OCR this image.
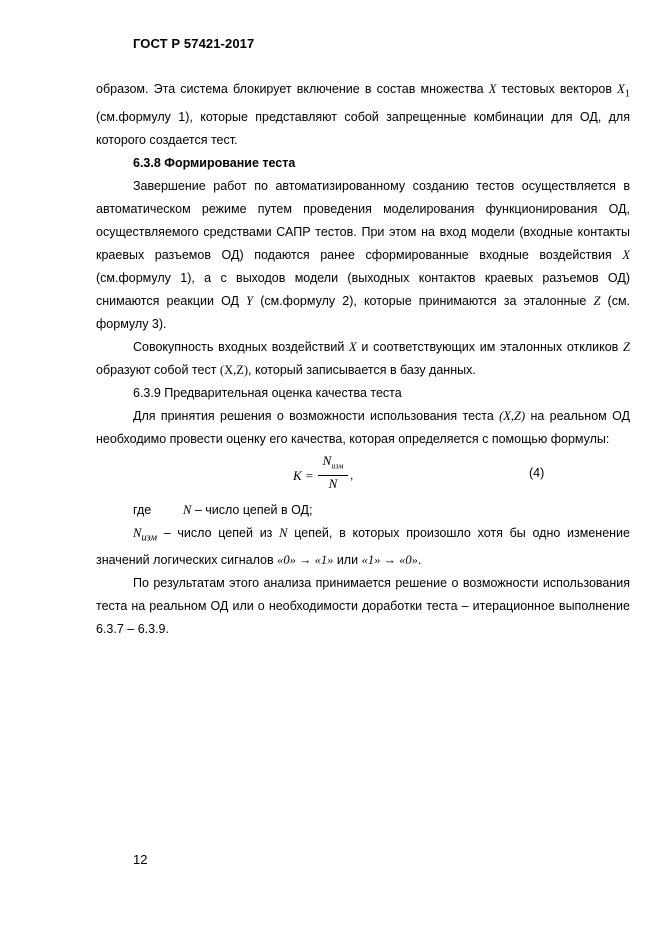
ГОСТ Р 57421-2017

образом. Эта система блокирует включение в состав множества X тестовых векторов $X_1$ (см.формулу 1), которые представляют собой запрещенные комбинации для ОД, для которого создается тест.

6.3.8 Формирование теста

Завершение работ по автоматизированному созданию тестов осуществляется в автоматическом режиме путем проведения моделирования функционирования ОД, осуществляемого средствами САПР тестов. При этом на вход модели (входные контакты краевых разъемов ОД) подаются ранее сформированные входные воздействия X (см.формулу 1), а с выходов модели (выходных контактов краевых разъемов ОД) снимаются реакции ОД Y (см.формулу 2), которые принимаются за эталонные Z (см. формулу 3).

Совокупность входных воздействий X и соответствующих им эталонных откликов Z образуют собой тест (X,Z), который записывается в базу данных.

6.3.9 Предварительная оценка качества теста

Для принятия решения о возможности использования теста (X,Z) на реальном ОД необходимо провести оценку его качества, которая определяется с помощью формулы:

K =
$N_{изм}$
N
,	(4)

где	N – число цепей в ОД;

$N_{изм}$ – число цепей из N цепей, в которых произошло хотя бы одно изменение значений логических сигналов «0» → «1» или «1» → «0».

По результатам этого анализа принимается решение о возможности использования теста на реальном ОД или о необходимости доработки теста – итерационное выполнение 6.3.7 – 6.3.9.

12
